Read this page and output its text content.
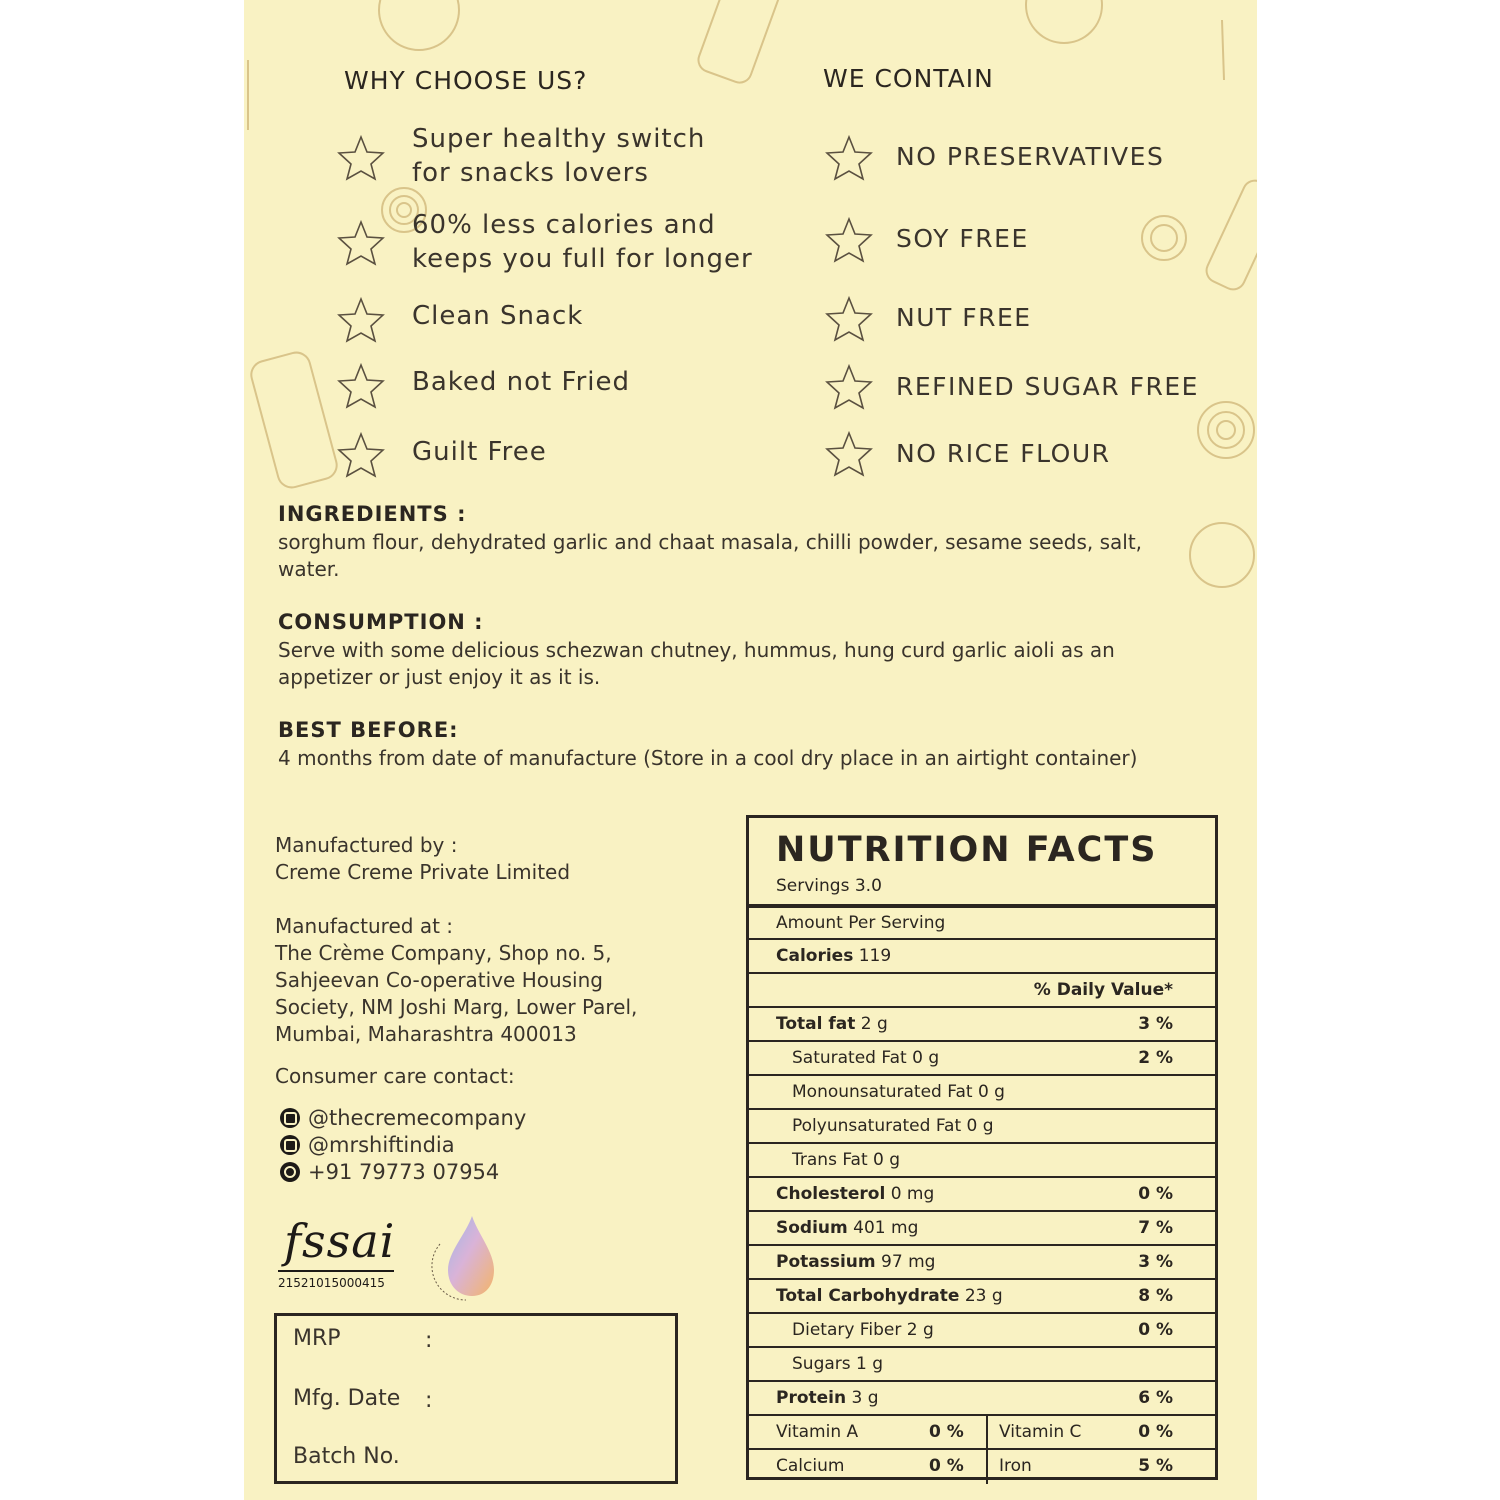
WHY CHOOSE US?
Super healthy switch
for snacks lovers
60% less calories and
keeps you full for longer
Clean Snack
Baked not Fried
Guilt Free
WE CONTAIN
NO PRESERVATIVES
SOY FREE
NUT FREE
REFINED SUGAR FREE
NO RICE FLOUR
INGREDIENTS :
sorghum flour, dehydrated garlic and chaat masala, chilli powder, sesame seeds, salt,
water.
CONSUMPTION :
Serve with some delicious schezwan chutney, hummus, hung curd garlic aioli as an
appetizer or just enjoy it as it is.
BEST BEFORE:
4 months from date of manufacture (Store in a cool dry place in an airtight container)
Manufactured by :
Creme Creme Private Limited
Manufactured at :
The Crème Company, Shop no. 5,
Sahjeevan Co-operative Housing
Society, NM Joshi Marg, Lower Parel,
Mumbai, Maharashtra 400013
Consumer care contact:
@thecremecompany
@mrshiftindia
+91 79773 07954
fssai
21521015000415
MRP	:
Mfg. Date :
Batch No.
NUTRITION FACTS
Servings 3.0
Amount Per Serving
Calories 119
% Daily Value*
Total fat 2 g	3 %
Saturated Fat 0 g	2 %
Monounsaturated Fat 0 g
Polyunsaturated Fat 0 g
Trans Fat 0 g
Cholesterol 0 mg	0 %
Sodium 401 mg	7 %
Potassium 97 mg	3 %
Total Carbohydrate 23 g	8 %
Dietary Fiber 2 g	0 %
Sugars 1 g
Protein 3 g	6 %
Vitamin A	0 % Vitamin C	0 %
Calcium	0 % Iron	5 %
